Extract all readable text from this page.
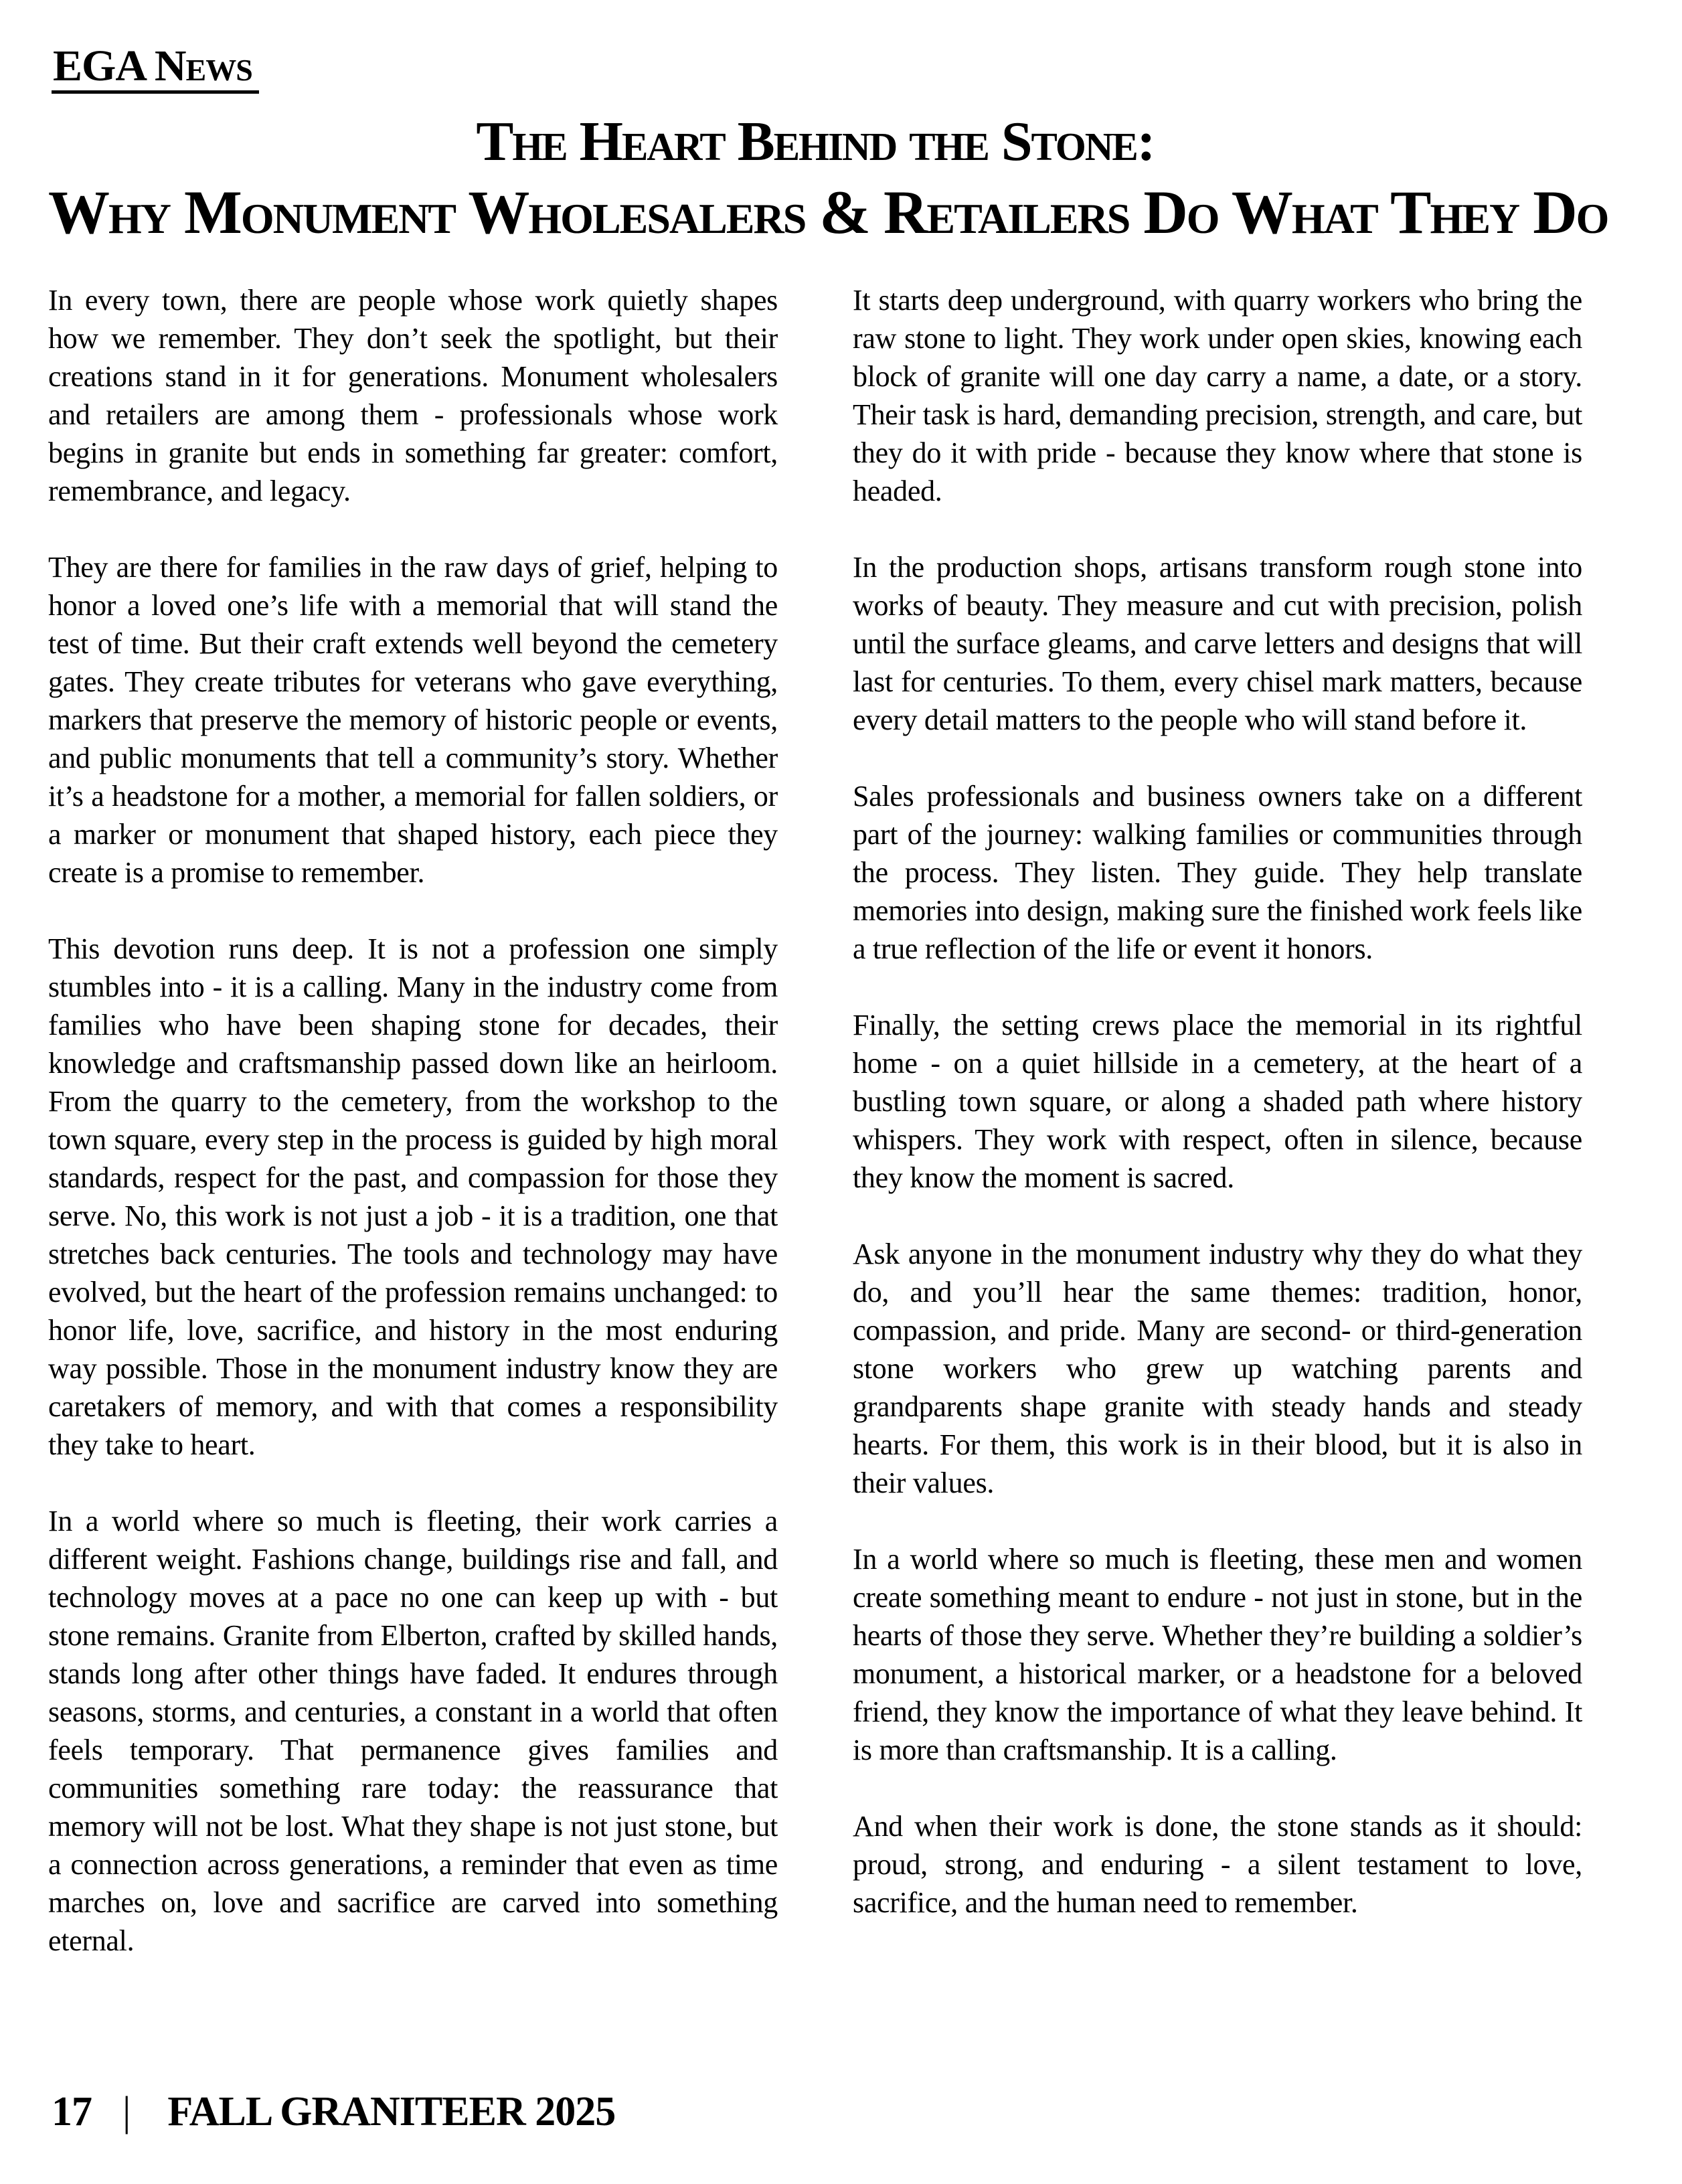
EGA News
The Heart Behind the Stone:
Why Monument Wholesalers & Retailers Do What They Do

In every town, there are people whose work quietly shapes how we remember. They don’t seek the spotlight, but their creations stand in it for generations. Monument wholesalers and retailers are among them - professionals whose work begins in granite but ends in something far greater: comfort, remembrance, and legacy.

They are there for families in the raw days of grief, helping to honor a loved one’s life with a memorial that will stand the test of time. But their craft extends well beyond the cemetery gates. They create tributes for veterans who gave everything, markers that preserve the memory of historic people or events, and public monuments that tell a community’s story. Whether it’s a headstone for a mother, a memorial for fallen soldiers, or a marker or monument that shaped history, each piece they create is a promise to remember.

This devotion runs deep. It is not a profession one simply stumbles into - it is a calling. Many in the industry come from families who have been shaping stone for decades, their knowledge and craftsmanship passed down like an heirloom. From the quarry to the cemetery, from the workshop to the town square, every step in the process is guided by high moral standards, respect for the past, and compassion for those they serve. No, this work is not just a job - it is a tradition, one that stretches back centuries. The tools and technology may have evolved, but the heart of the profession remains unchanged: to honor life, love, sacrifice, and history in the most enduring way possible. Those in the monument industry know they are caretakers of memory, and with that comes a responsibility they take to heart.

In a world where so much is fleeting, their work carries a different weight. Fashions change, buildings rise and fall, and technology moves at a pace no one can keep up with - but stone remains. Granite from Elberton, crafted by skilled hands, stands long after other things have faded. It endures through seasons, storms, and centuries, a constant in a world that often feels temporary. That permanence gives families and communities something rare today: the reassurance that memory will not be lost. What they shape is not just stone, but a connection across generations, a reminder that even as time marches on, love and sacrifice are carved into something eternal.

It starts deep underground, with quarry workers who bring the raw stone to light. They work under open skies, knowing each block of granite will one day carry a name, a date, or a story. Their task is hard, demanding precision, strength, and care, but they do it with pride - because they know where that stone is headed.

In the production shops, artisans transform rough stone into works of beauty. They measure and cut with precision, polish until the surface gleams, and carve letters and designs that will last for centuries. To them, every chisel mark matters, because every detail matters to the people who will stand before it.

Sales professionals and business owners take on a different part of the journey: walking families or communities through the process. They listen. They guide. They help translate memories into design, making sure the finished work feels like a true reflection of the life or event it honors.

Finally, the setting crews place the memorial in its rightful home - on a quiet hillside in a cemetery, at the heart of a bustling town square, or along a shaded path where history whispers. They work with respect, often in silence, because they know the moment is sacred.

Ask anyone in the monument industry why they do what they do, and you’ll hear the same themes: tradition, honor, compassion, and pride. Many are second- or third-generation stone workers who grew up watching parents and grandparents shape granite with steady hands and steady hearts. For them, this work is in their blood, but it is also in their values.

In a world where so much is fleeting, these men and women create something meant to endure - not just in stone, but in the hearts of those they serve. Whether they’re building a soldier’s monument, a historical marker, or a headstone for a beloved friend, they know the importance of what they leave behind. It is more than craftsmanship. It is a calling.

And when their work is done, the stone stands as it should: proud, strong, and enduring - a silent testament to love, sacrifice, and the human need to remember.

17 | FALL GRANITEER 2025
